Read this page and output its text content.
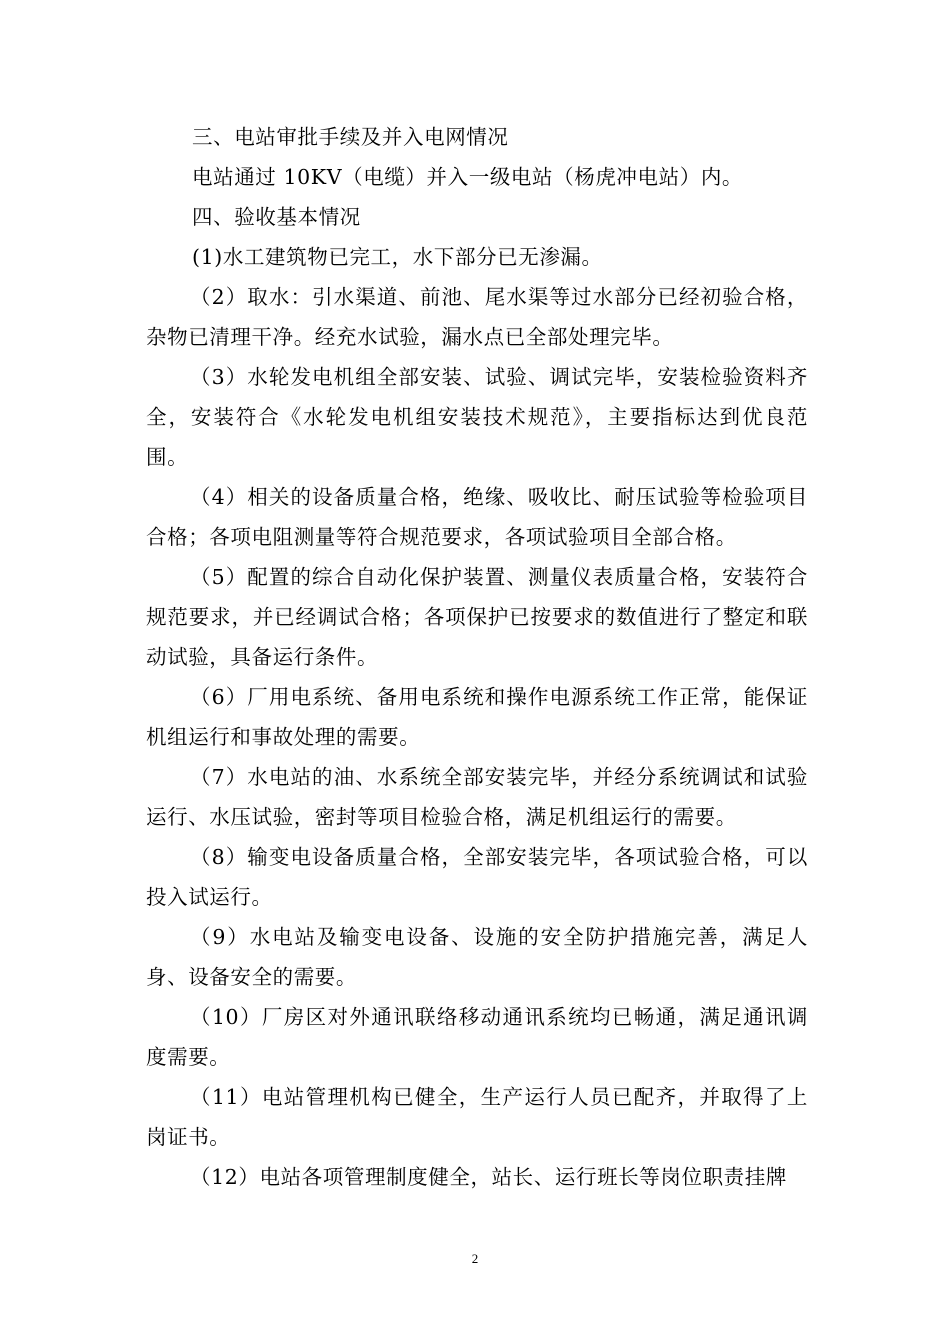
三、电站审批手续及并入电网情况

电站通过 10KV（电缆）并入一级电站（杨虎冲电站）内。

四、验收基本情况

(1)水工建筑物已完工，水下部分已无渗漏。

（2）取水：引水渠道、前池、尾水渠等过水部分已经初验合格，杂物已清理干净。经充水试验，漏水点已全部处理完毕。

（3）水轮发电机组全部安装、试验、调试完毕，安装检验资料齐全，安装符合《水轮发电机组安装技术规范》，主要指标达到优良范围。

（4）相关的设备质量合格，绝缘、吸收比、耐压试验等检验项目合格；各项电阻测量等符合规范要求，各项试验项目全部合格。

（5）配置的综合自动化保护装置、测量仪表质量合格，安装符合规范要求，并已经调试合格；各项保护已按要求的数值进行了整定和联动试验，具备运行条件。

（6）厂用电系统、备用电系统和操作电源系统工作正常，能保证机组运行和事故处理的需要。

（7）水电站的油、水系统全部安装完毕，并经分系统调试和试验运行、水压试验，密封等项目检验合格，满足机组运行的需要。

（8）输变电设备质量合格，全部安装完毕，各项试验合格，可以投入试运行。

（9）水电站及输变电设备、设施的安全防护措施完善，满足人身、设备安全的需要。

（10）厂房区对外通讯联络移动通讯系统均已畅通，满足通讯调度需要。

（11）电站管理机构已健全，生产运行人员已配齐，并取得了上岗证书。

（12）电站各项管理制度健全，站长、运行班长等岗位职责挂牌

2
